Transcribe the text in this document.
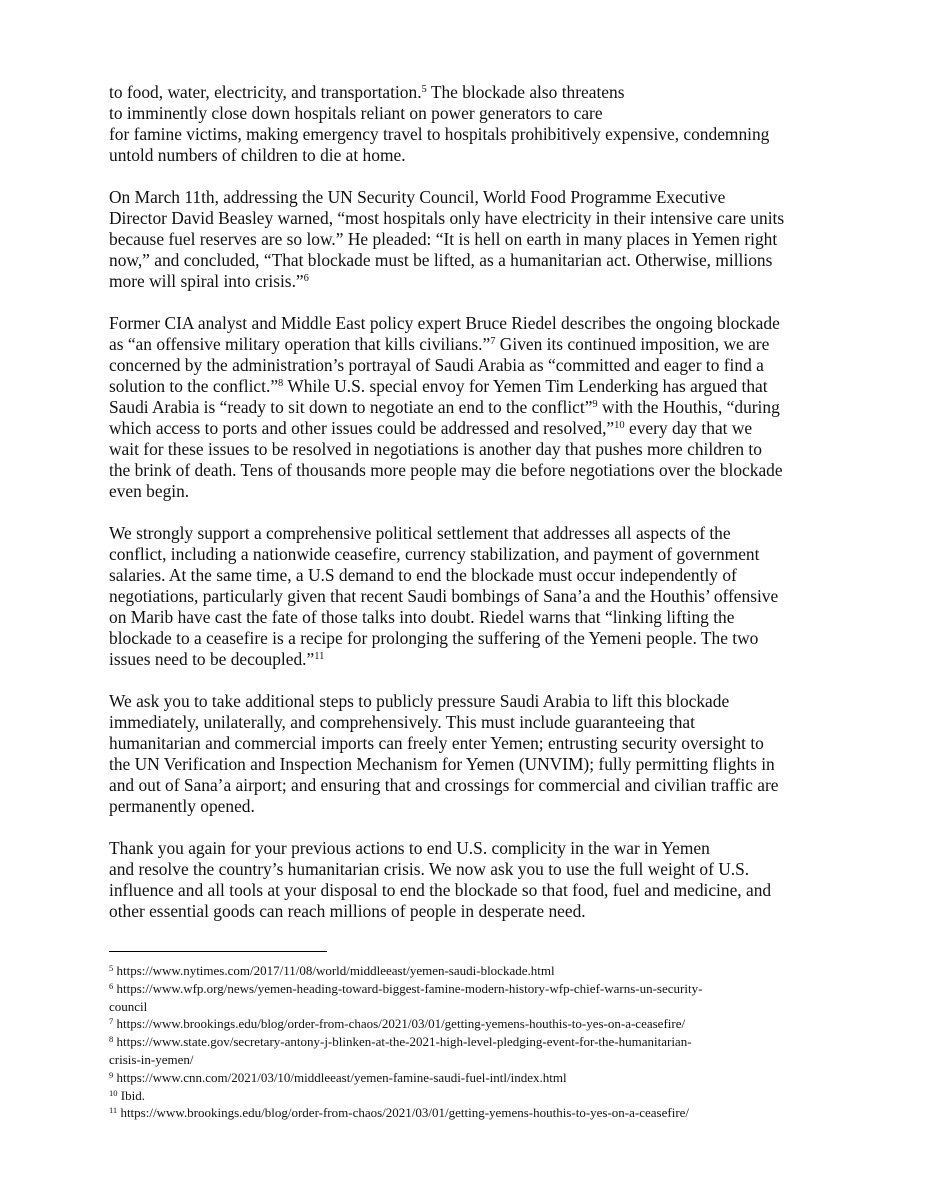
to food, water, electricity, and transportation.$^5$ The blockade also threatens
to imminently close down hospitals reliant on power generators to care
for famine victims, making emergency travel to hospitals prohibitively expensive, condemning
untold numbers of children to die at home.

On March 11th, addressing the UN Security Council, World Food Programme Executive
Director David Beasley warned, “most hospitals only have electricity in their intensive care units
because fuel reserves are so low.” He pleaded: “It is hell on earth in many places in Yemen right
now,” and concluded, “That blockade must be lifted, as a humanitarian act. Otherwise, millions
more will spiral into crisis.”$^6$

Former CIA analyst and Middle East policy expert Bruce Riedel describes the ongoing blockade
as “an offensive military operation that kills civilians.”$^7$ Given its continued imposition, we are
concerned by the administration’s portrayal of Saudi Arabia as “committed and eager to find a
solution to the conflict.”$^8$ While U.S. special envoy for Yemen Tim Lenderking has argued that
Saudi Arabia is “ready to sit down to negotiate an end to the conflict”$^9$ with the Houthis, “during
which access to ports and other issues could be addressed and resolved,”$^{10}$ every day that we
wait for these issues to be resolved in negotiations is another day that pushes more children to
the brink of death. Tens of thousands more people may die before negotiations over the blockade
even begin.

We strongly support a comprehensive political settlement that addresses all aspects of the
conflict, including a nationwide ceasefire, currency stabilization, and payment of government
salaries. At the same time, a U.S demand to end the blockade must occur independently of
negotiations, particularly given that recent Saudi bombings of Sana’a and the Houthis’ offensive
on Marib have cast the fate of those talks into doubt. Riedel warns that “linking lifting the
blockade to a ceasefire is a recipe for prolonging the suffering of the Yemeni people. The two
issues need to be decoupled.”$^{11}$

We ask you to take additional steps to publicly pressure Saudi Arabia to lift this blockade
immediately, unilaterally, and comprehensively. This must include guaranteeing that
humanitarian and commercial imports can freely enter Yemen; entrusting security oversight to
the UN Verification and Inspection Mechanism for Yemen (UNVIM); fully permitting flights in
and out of Sana’a airport; and ensuring that and crossings for commercial and civilian traffic are
permanently opened.

Thank you again for your previous actions to end U.S. complicity in the war in Yemen
and resolve the country’s humanitarian crisis. We now ask you to use the full weight of U.S.
influence and all tools at your disposal to end the blockade so that food, fuel and medicine, and
other essential goods can reach millions of people in desperate need.

$^5$ https://www.nytimes.com/2017/11/08/world/middleeast/yemen-saudi-blockade.html
$^6$ https://www.wfp.org/news/yemen-heading-toward-biggest-famine-modern-history-wfp-chief-warns-un-security-
council
$^7$ https://www.brookings.edu/blog/order-from-chaos/2021/03/01/getting-yemens-houthis-to-yes-on-a-ceasefire/
$^8$ https://www.state.gov/secretary-antony-j-blinken-at-the-2021-high-level-pledging-event-for-the-humanitarian-
crisis-in-yemen/
$^9$ https://www.cnn.com/2021/03/10/middleeast/yemen-famine-saudi-fuel-intl/index.html
$^{10}$ Ibid.
$^{11}$ https://www.brookings.edu/blog/order-from-chaos/2021/03/01/getting-yemens-houthis-to-yes-on-a-ceasefire/
